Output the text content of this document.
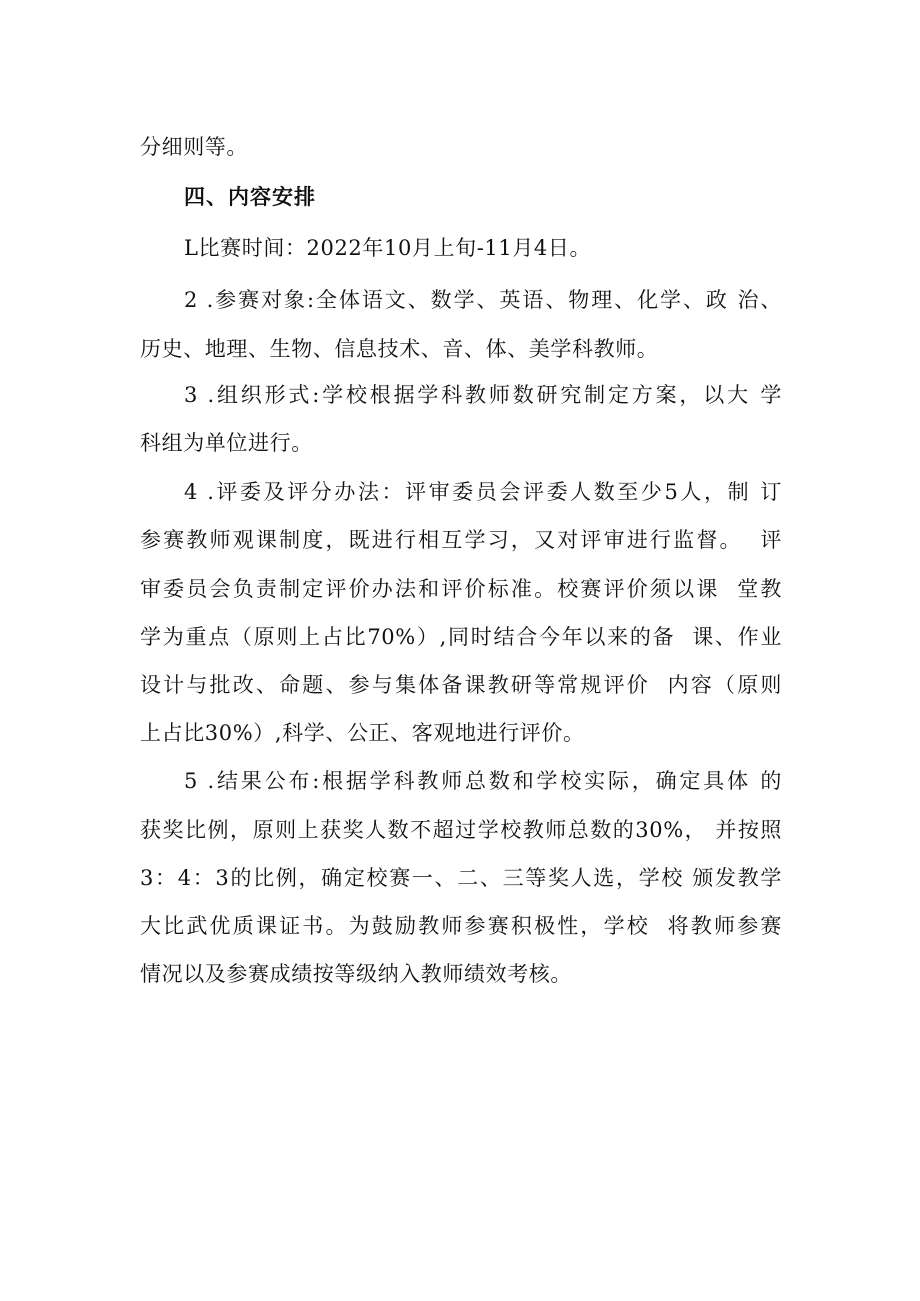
分细则等。
四、内容安排
L比赛时间：2022年10月上旬-11月4日。
2 .参赛对象:全体语文、数学、英语、物理、化学、政 治、
历史、地理、生物、信息技术、音、体、美学科教师。
3 .组织形式:学校根据学科教师数研究制定方案，以大 学
科组为单位进行。
4 .评委及评分办法：评审委员会评委人数至少5人，制 订
参赛教师观课制度，既进行相互学习，又对评审进行监督。  评
审委员会负责制定评价办法和评价标准。校赛评价须以课  堂教
学为重点（原则上占比70%）,同时结合今年以来的备  课、作业
设计与批改、命题、参与集体备课教研等常规评价  内容（原则
上占比30%）,科学、公正、客观地进行评价。
5 .结果公布:根据学科教师总数和学校实际，确定具体 的
获奖比例，原则上获奖人数不超过学校教师总数的30%， 并按照
3：4：3的比例，确定校赛一、二、三等奖人选，学校 颁发教学
大比武优质课证书。为鼓励教师参赛积极性，学校  将教师参赛
情况以及参赛成绩按等级纳入教师绩效考核。
